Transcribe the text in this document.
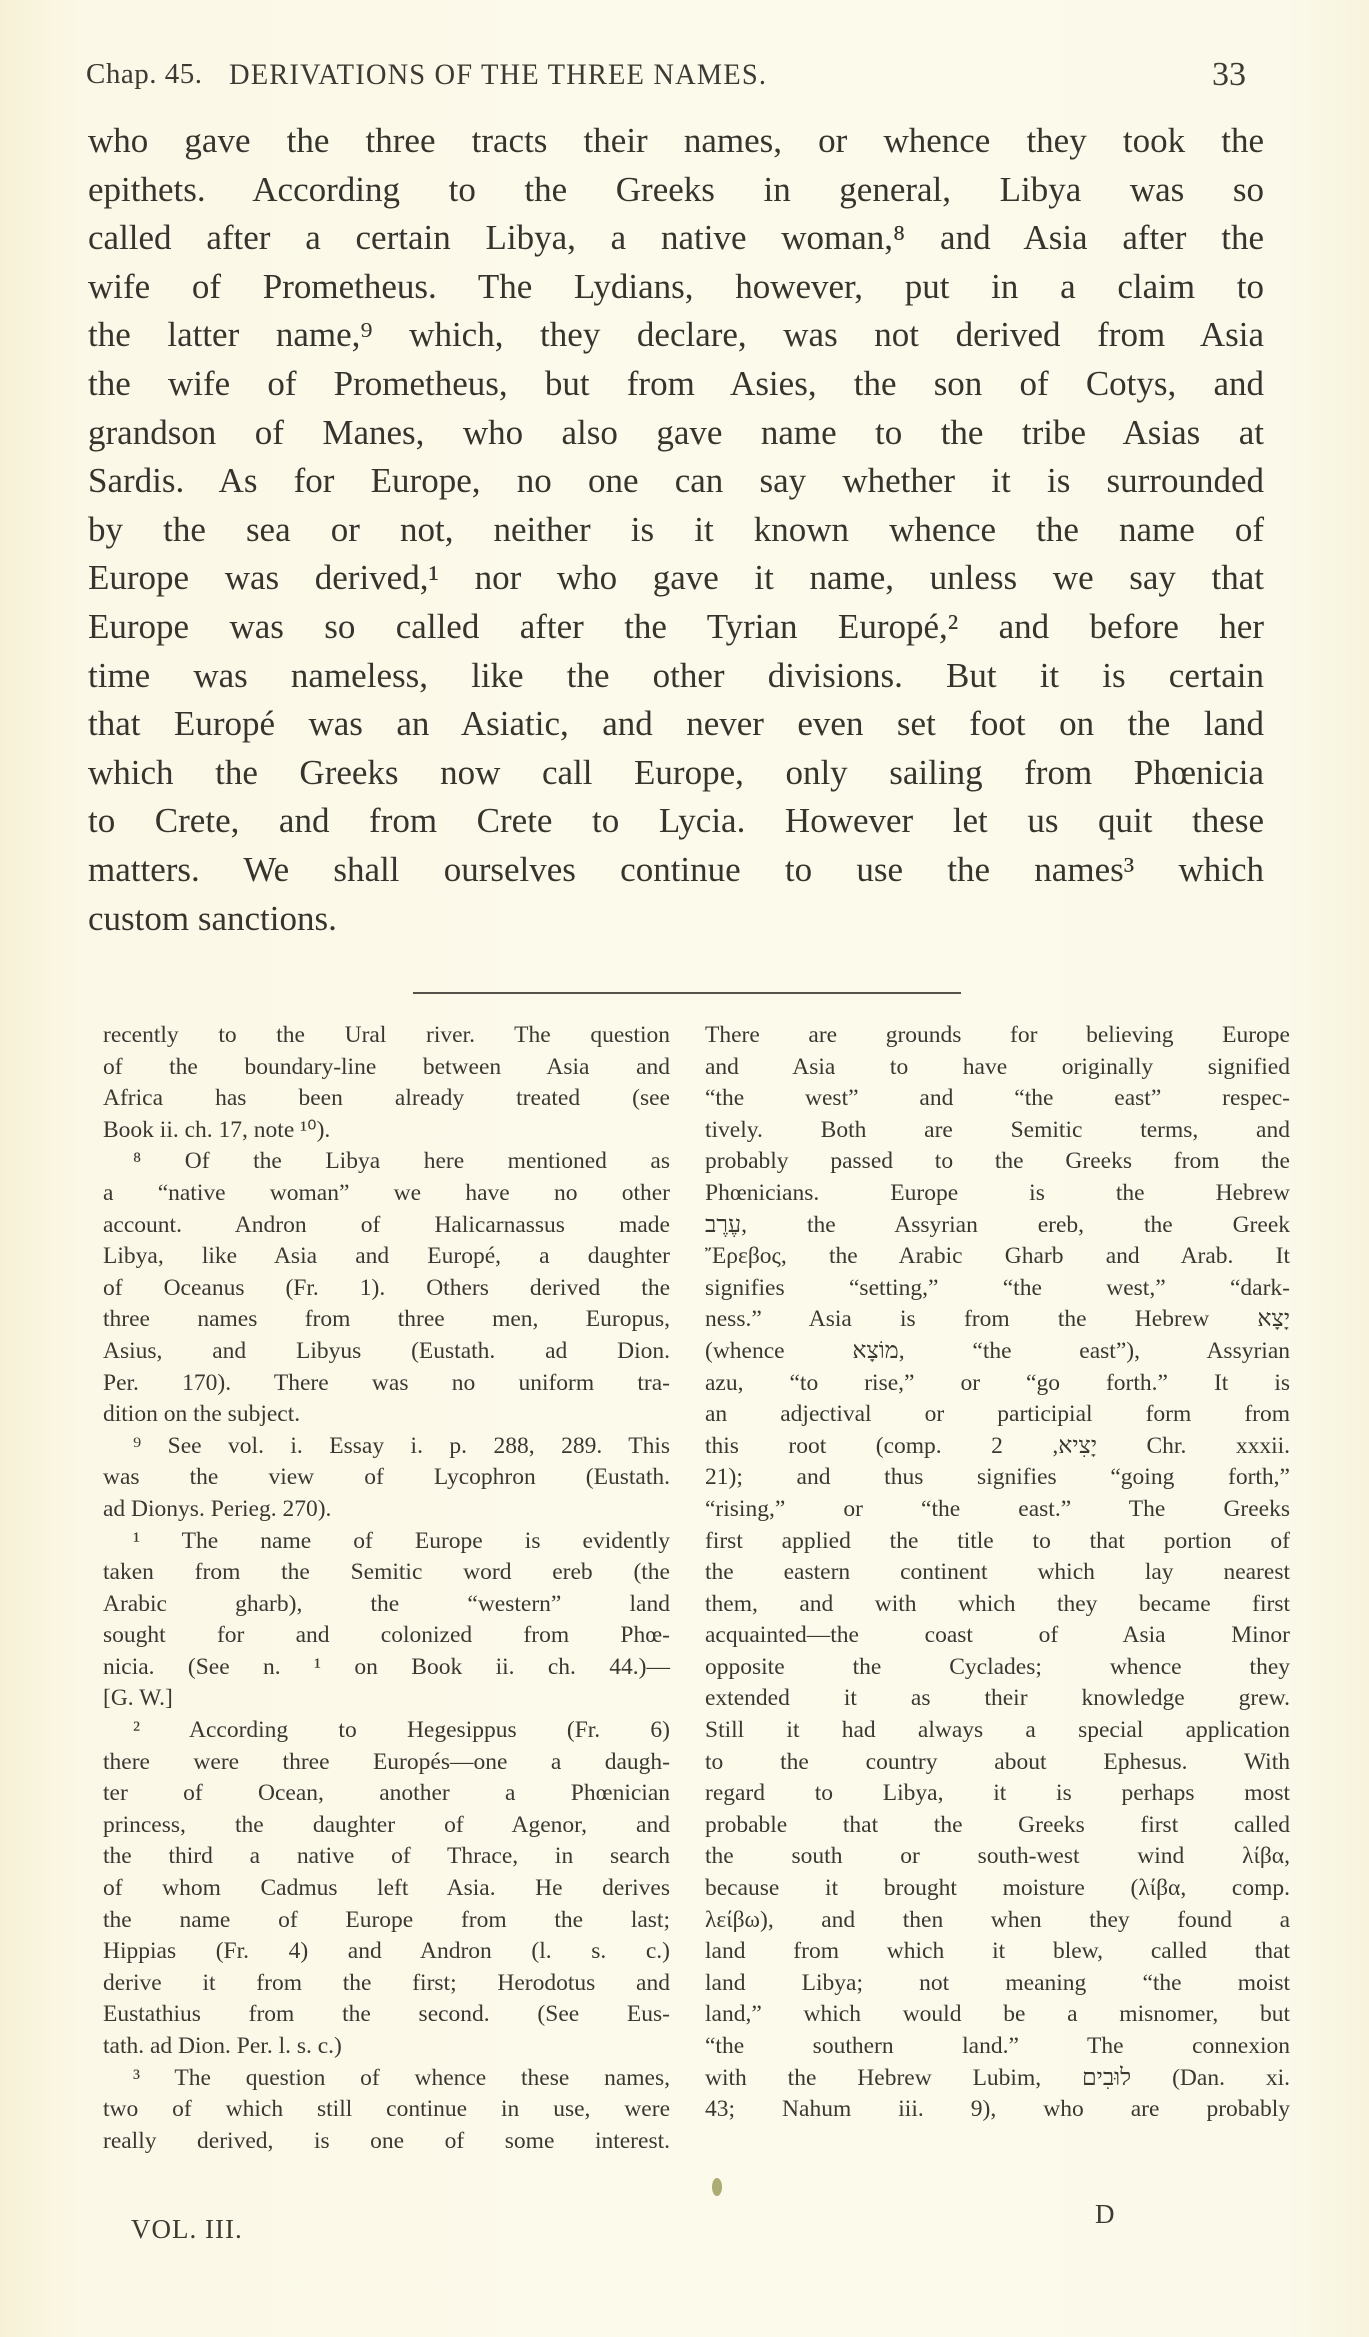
Chap. 45. DERIVATIONS OF THE THREE NAMES.	33
who gave the three tracts their names, or whence they took the
epithets. According to the Greeks in general, Libya was so
called after a certain Libya, a native woman,⁸ and Asia after the
wife of Prometheus. The Lydians, however, put in a claim to
the latter name,⁹ which, they declare, was not derived from Asia
the wife of Prometheus, but from Asies, the son of Cotys, and
grandson of Manes, who also gave name to the tribe Asias at
Sardis. As for Europe, no one can say whether it is surrounded
by the sea or not, neither is it known whence the name of
Europe was derived,¹ nor who gave it name, unless we say that
Europe was so called after the Tyrian Europé,² and before her
time was nameless, like the other divisions. But it is certain
that Europé was an Asiatic, and never even set foot on the land
which the Greeks now call Europe, only sailing from Phœnicia
to Crete, and from Crete to Lycia. However let us quit these
matters. We shall ourselves continue to use the names³ which
custom sanctions.
recently to the Ural river. The question
of the boundary-line between Asia and
Africa has been already treated (see
Book ii. ch. 17, note ¹⁰).
⁸ Of the Libya here mentioned as
a “native woman” we have no other
account. Andron of Halicarnassus made
Libya, like Asia and Europé, a daughter
of Oceanus (Fr. 1). Others derived the
three names from three men, Europus,
Asius, and Libyus (Eustath. ad Dion.
Per. 170). There was no uniform tra-
dition on the subject.
⁹ See vol. i. Essay i. p. 288, 289. This
was the view of Lycophron (Eustath.
ad Dionys. Perieg. 270).
¹ The name of Europe is evidently
taken from the Semitic word ereb (the
Arabic gharb), the “western” land
sought for and colonized from Phœ-
nicia. (See n. ¹ on Book ii. ch. 44.)—
[G. W.]
² According to Hegesippus (Fr. 6)
there were three Europés—one a daugh-
ter of Ocean, another a Phœnician
princess, the daughter of Agenor, and
the third a native of Thrace, in search
of whom Cadmus left Asia. He derives
the name of Europe from the last;
Hippias (Fr. 4) and Andron (l. s. c.)
derive it from the first; Herodotus and
Eustathius from the second. (See Eus-
tath. ad Dion. Per. l. s. c.)
³ The question of whence these names,
two of which still continue in use, were
really derived, is one of some interest.
There are grounds for believing Europe
and Asia to have originally signified
“the west” and “the east” respec-
tively. Both are Semitic terms, and
probably passed to the Greeks from the
Phœnicians. Europe is the Hebrew
עֶרֶב, the Assyrian ereb, the Greek
Ἔρεβος, the Arabic Gharb and Arab. It
signifies “setting,” “the west,” “dark-
ness.” Asia is from the Hebrew יָצָא
(whence מוֹצָא, “the east”), Assyrian
azu, “to rise,” or “go forth.” It is
an adjectival or participial form from
this root (comp. יָצִיא, 2 Chr. xxxii.
21); and thus signifies “going forth,”
“rising,” or “the east.” The Greeks
first applied the title to that portion of
the eastern continent which lay nearest
them, and with which they became first
acquainted—the coast of Asia Minor
opposite the Cyclades; whence they
extended it as their knowledge grew.
Still it had always a special application
to the country about Ephesus. With
regard to Libya, it is perhaps most
probable that the Greeks first called
the south or south-west wind λίβα,
because it brought moisture (λίβα, comp.
λείβω), and then when they found a
land from which it blew, called that
land Libya; not meaning “the moist
land,” which would be a misnomer, but
“the southern land.” The connexion
with the Hebrew Lubim, לוּבִים (Dan. xi.
43; Nahum iii. 9), who are probably
VOL. III.	D
